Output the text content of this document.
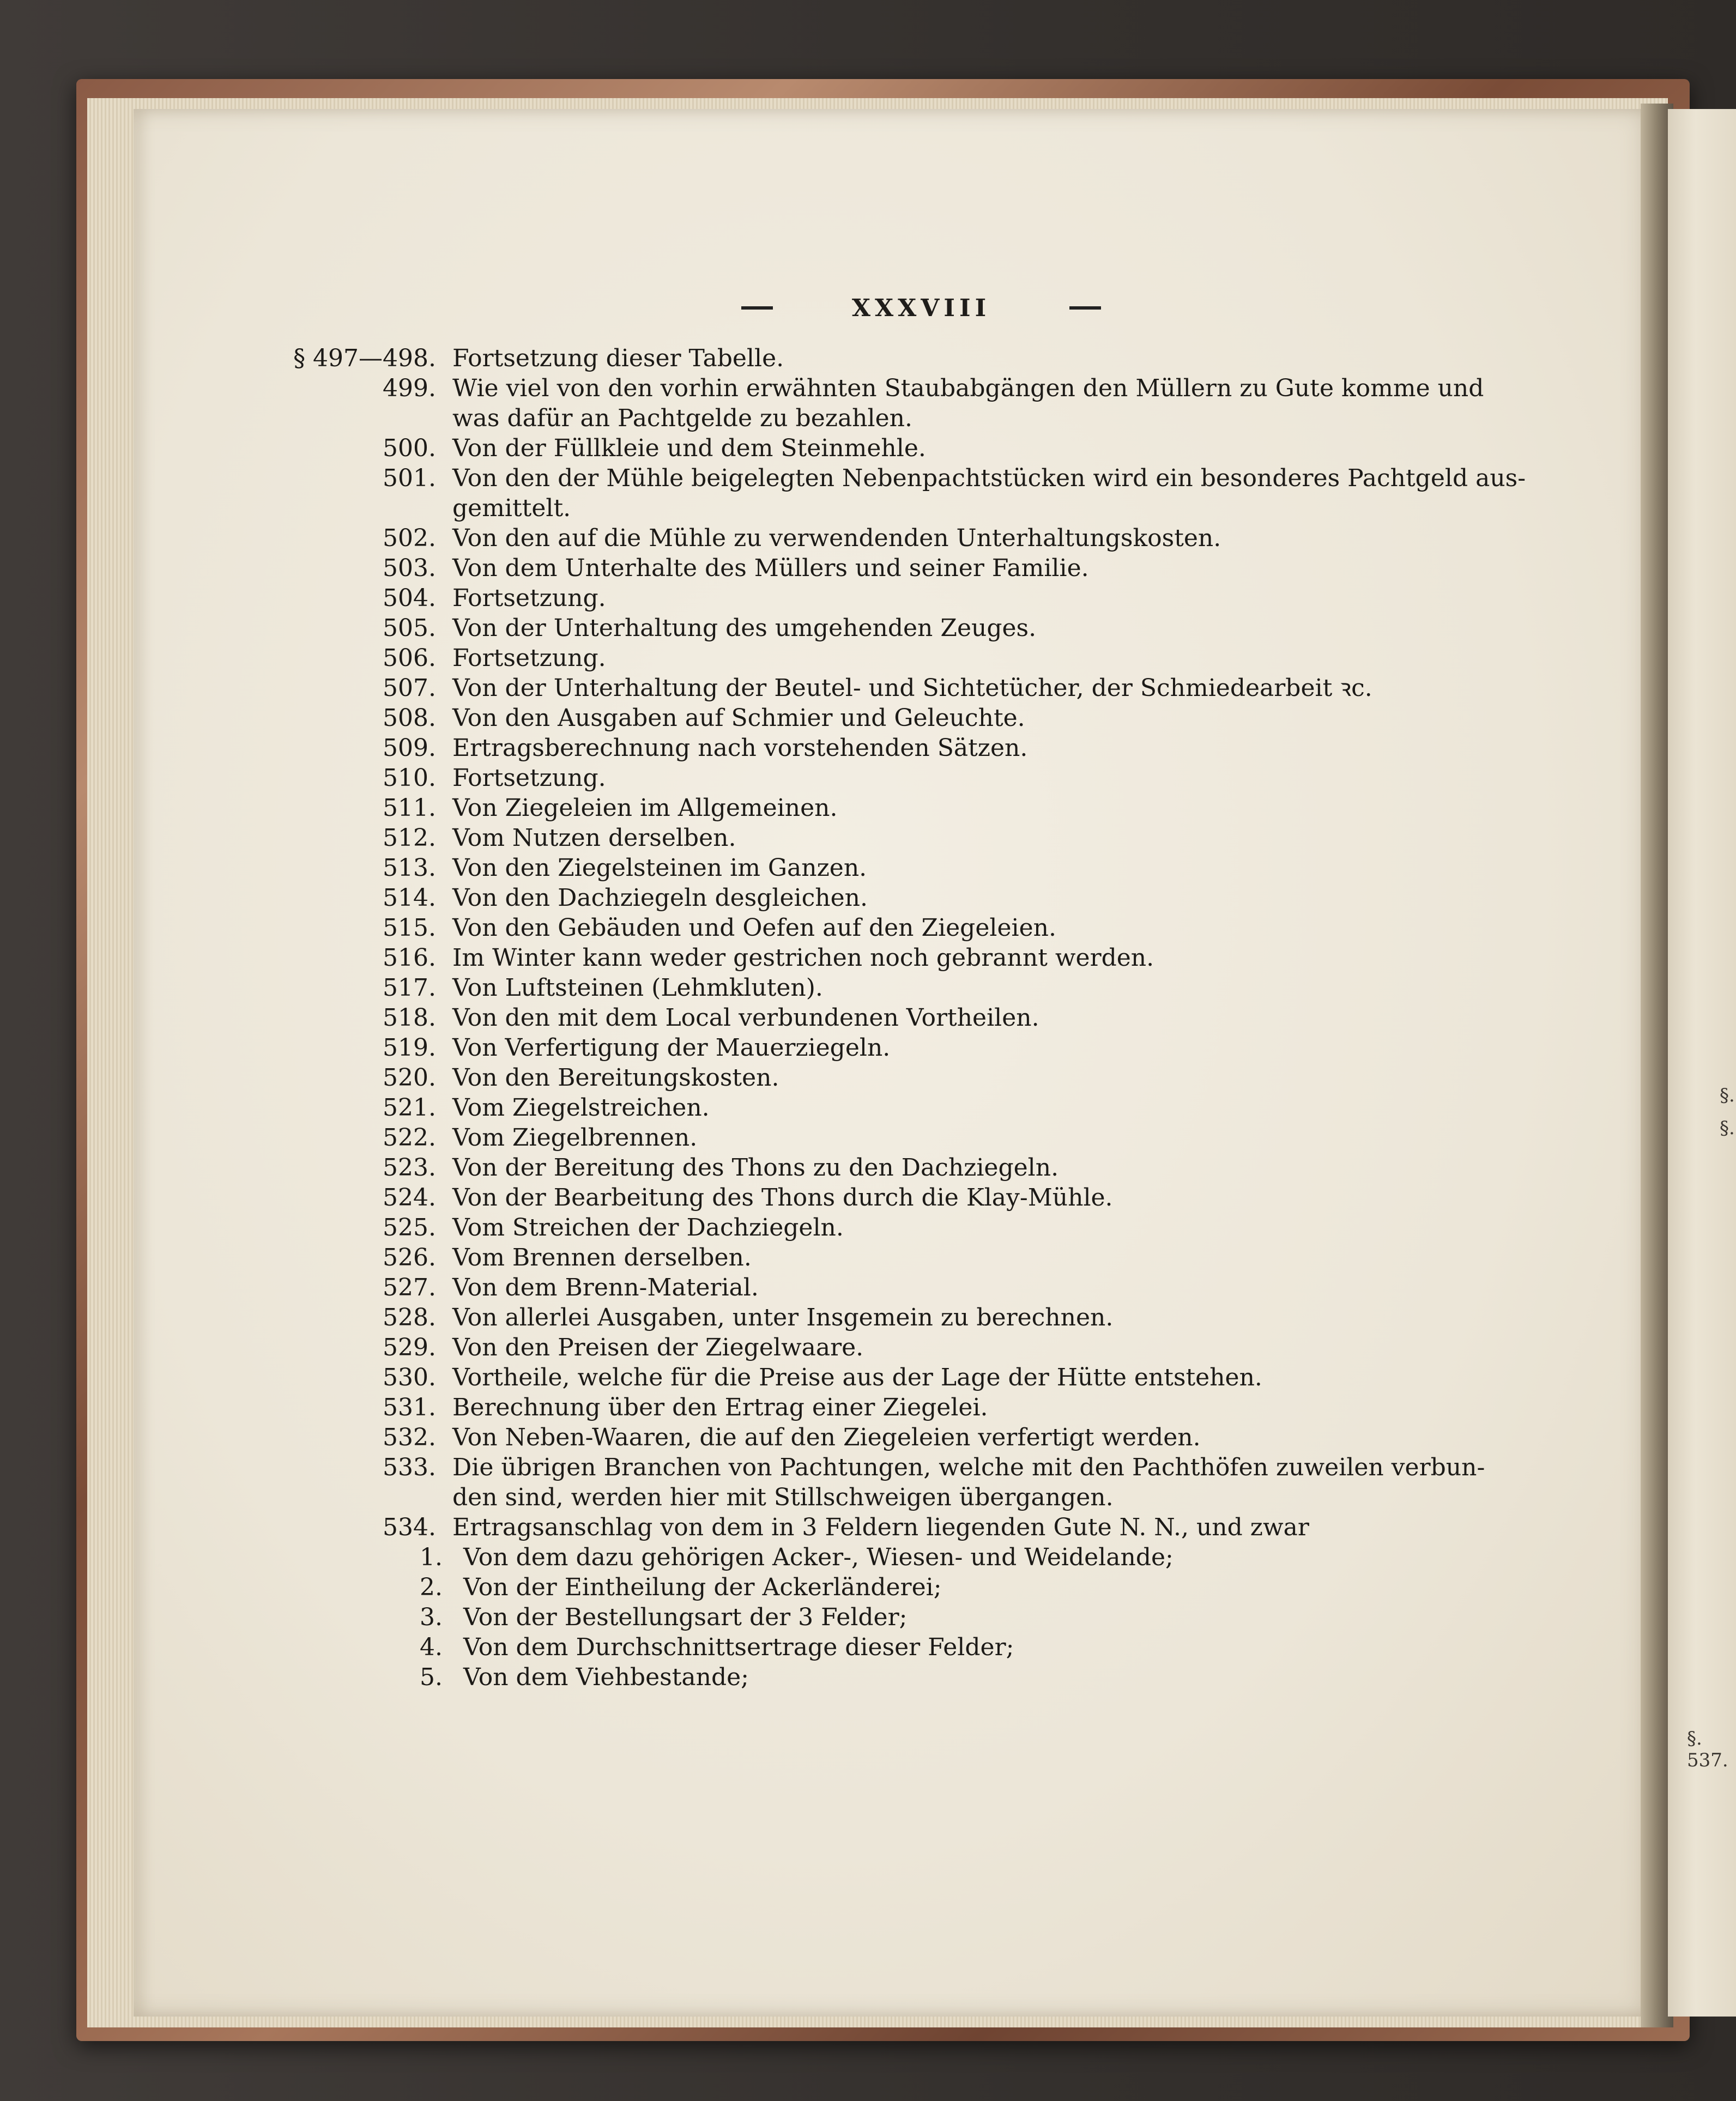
XXXVIII
§ 497—498. Fortsetzung dieser Tabelle.
499. Wie viel von den vorhin erwähnten Staubabgängen den Müllern zu Gute komme und
was dafür an Pachtgelde zu bezahlen.
500. Von der Füllkleie und dem Steinmehle.
501. Von den der Mühle beigelegten Nebenpachtstücken wird ein besonderes Pachtgeld aus-
gemittelt.
502. Von den auf die Mühle zu verwendenden Unterhaltungskosten.
503. Von dem Unterhalte des Müllers und seiner Familie.
504. Fortsetzung.
505. Von der Unterhaltung des umgehenden Zeuges.
506. Fortsetzung.
507. Von der Unterhaltung der Beutel- und Sichtetücher, der Schmiedearbeit ꝛc.
508. Von den Ausgaben auf Schmier und Geleuchte.
509. Ertragsberechnung nach vorstehenden Sätzen.
510. Fortsetzung.
511. Von Ziegeleien im Allgemeinen.
512. Vom Nutzen derselben.
513. Von den Ziegelsteinen im Ganzen.
514. Von den Dachziegeln desgleichen.
515. Von den Gebäuden und Oefen auf den Ziegeleien.
516. Im Winter kann weder gestrichen noch gebrannt werden.
517. Von Luftsteinen (Lehmkluten).
518. Von den mit dem Local verbundenen Vortheilen.
519. Von Verfertigung der Mauerziegeln.
520. Von den Bereitungskosten.
521. Vom Ziegelstreichen.
522. Vom Ziegelbrennen.
523. Von der Bereitung des Thons zu den Dachziegeln.
524. Von der Bearbeitung des Thons durch die Klay-Mühle.
525. Vom Streichen der Dachziegeln.
526. Vom Brennen derselben.
527. Von dem Brenn-Material.
528. Von allerlei Ausgaben, unter Insgemein zu berechnen.
529. Von den Preisen der Ziegelwaare.
530. Vortheile, welche für die Preise aus der Lage der Hütte entstehen.
531. Berechnung über den Ertrag einer Ziegelei.
532. Von Neben-Waaren, die auf den Ziegeleien verfertigt werden.
533. Die übrigen Branchen von Pachtungen, welche mit den Pachthöfen zuweilen verbun-
den sind, werden hier mit Stillschweigen übergangen.
534. Ertragsanschlag von dem in 3 Feldern liegenden Gute N. N., und zwar
1. Von dem dazu gehörigen Acker-, Wiesen- und Weidelande;
2. Von der Eintheilung der Ackerländerei;
3. Von der Bestellungsart der 3 Felder;
4. Von dem Durchschnittsertrage dieser Felder;
5. Von dem Viehbestande;
§.
§.
§. 537.
